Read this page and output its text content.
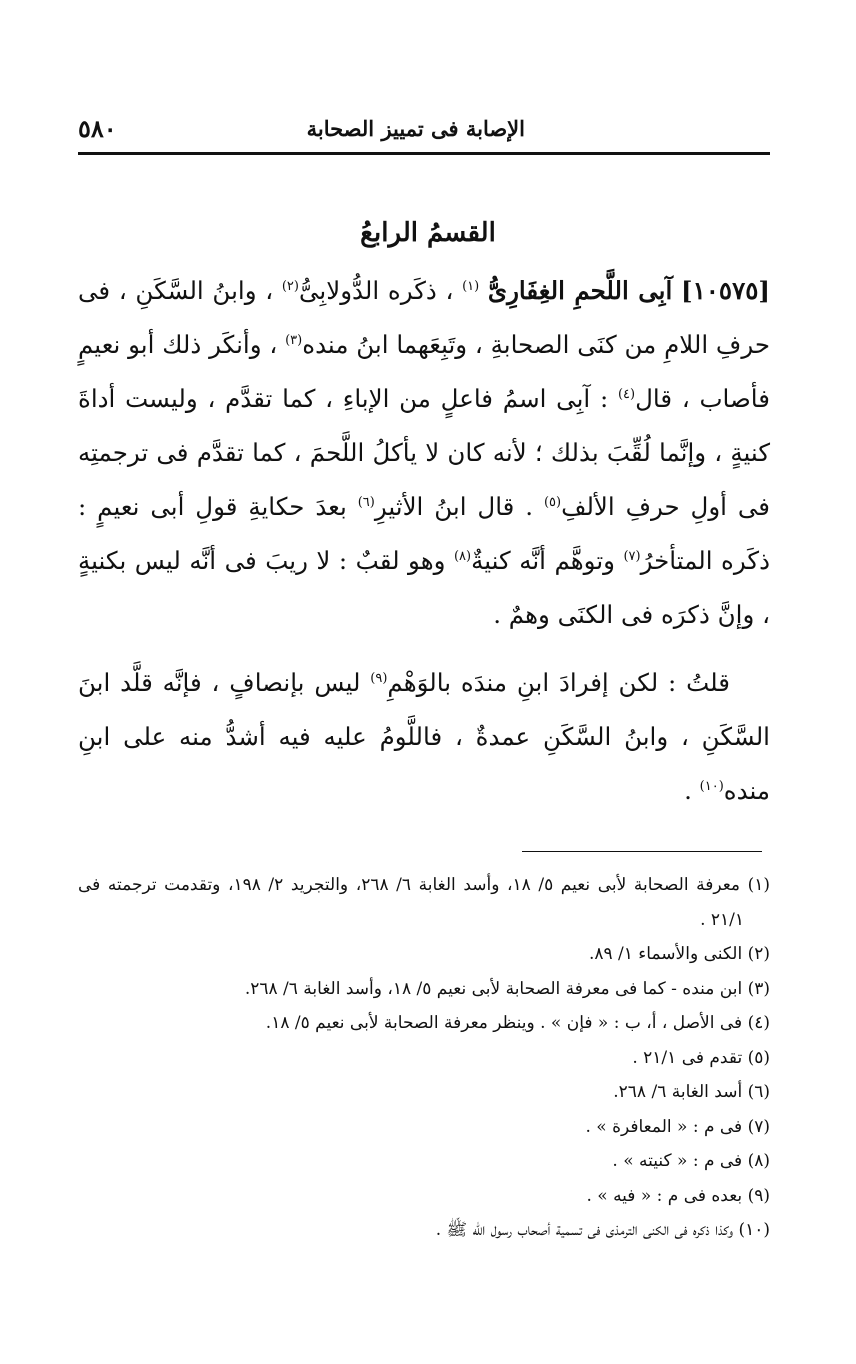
الإصابة فى تمييز الصحابة
٥٨٠
القسمُ الرابعُ

[١٠٥٧٥] آبِى اللَّحمِ الغِفَارِىُّ $^{(١)}$ ، ذكَره الدُّولابِىُّ$^{(٢)}$ ، وابنُ السَّكَنِ ، فى حرفِ اللامِ من كنَى الصحابةِ ، وتَبِعَهما ابنُ منده$^{(٣)}$ ، وأنكَر ذلك أبو نعيمٍ فأصاب ، قال$^{(٤)}$ : آبِى اسمُ فاعلٍ من الإباءِ ، كما تقدَّم ، وليست أداةَ كنيةٍ ، وإنَّما لُقِّبَ بذلك ؛ لأنه كان لا يأكلُ اللَّحمَ ، كما تقدَّم فى ترجمتِه فى أولِ حرفِ الألفِ$^{(٥)}$ . قال ابنُ الأثيرِ$^{(٦)}$ بعدَ حكايةِ قولِ أبى نعيمٍ : ذكَره المتأخرُ$^{(٧)}$ وتوهَّم أنَّه كنيةٌ$^{(٨)}$ وهو لقبٌ : لا ريبَ فى أنَّه ليس بكنيةٍ ، وإنَّ ذكرَه فى الكنَى وهمٌ .

قلتُ : لكن إفرادَ ابنِ مندَه بالوَهْمِ$^{(٩)}$ ليس بإنصافٍ ، فإنَّه قلَّد ابنَ السَّكَنِ ، وابنُ السَّكَنِ عمدةٌ ، فاللَّومُ عليه فيه أشدُّ منه على ابنِ منده$^{(١٠)}$ .

(١) معرفة الصحابة لأبى نعيم ٥/ ١٨، وأسد الغابة ٦/ ٢٦٨، والتجريد ٢/ ١٩٨، وتقدمت ترجمته فى ٢١/١ .

(٢) الكنى والأسماء ١/ ٨٩.

(٣) ابن منده - كما فى معرفة الصحابة لأبى نعيم ٥/ ١٨، وأسد الغابة ٦/ ٢٦٨.

(٤) فى الأصل ، أ، ب : « فإن » . وينظر معرفة الصحابة لأبى نعيم ٥/ ١٨.

(٥) تقدم فى ٢١/١ .

(٦) أسد الغابة ٦/ ٢٦٨.

(٧) فى م : « المعافرة » .

(٨) فى م : « كنيته » .

(٩) بعده فى م : « فيه » .

(١٠) وكذا ذكره فى الكنى الترمذى فى تسمية أصحاب رسول الله ﷺ .
